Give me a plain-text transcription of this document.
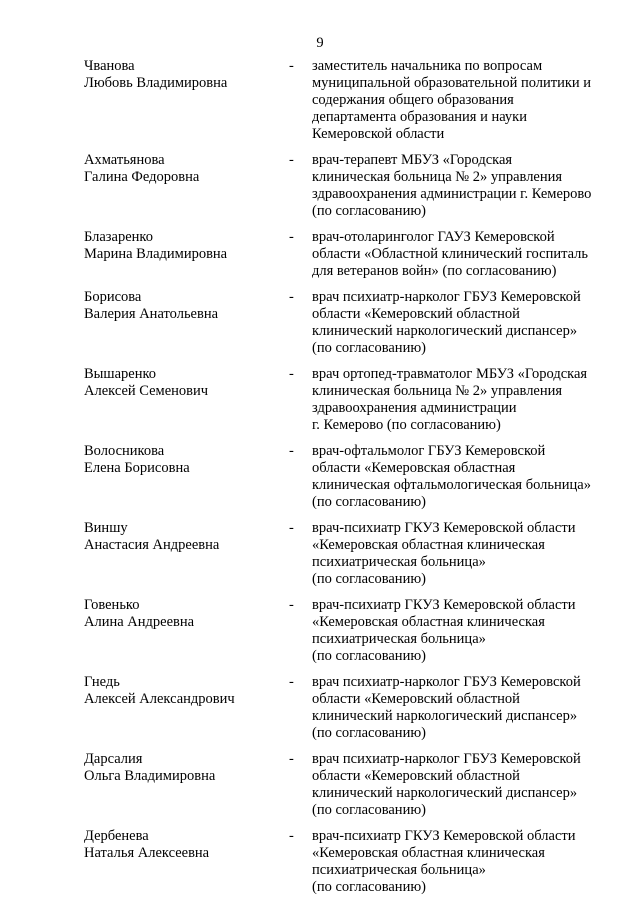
9
Чванова
Любовь Владимировна
- заместитель начальника по вопросам
муниципальной образовательной политики и
содержания общего образования
департамента образования и науки
Кемеровской области
Ахматьянова
Галина Федоровна
- врач-терапевт МБУЗ «Городская
клиническая больница № 2» управления
здравоохранения администрации г. Кемерово
(по согласованию)
Блазаренко
Марина Владимировна
- врач-отоларинголог ГАУЗ Кемеровской
области «Областной клинический госпиталь
для ветеранов войн» (по согласованию)
Борисова
Валерия Анатольевна
- врач психиатр-нарколог ГБУЗ Кемеровской
области «Кемеровский областной
клинический наркологический диспансер»
(по согласованию)
Вышаренко
Алексей Семенович
- врач ортопед-травматолог МБУЗ «Городская
клиническая больница № 2» управления
здравоохранения администрации
г. Кемерово (по согласованию)
Волосникова
Елена Борисовна
- врач-офтальмолог ГБУЗ Кемеровской
области «Кемеровская областная
клиническая офтальмологическая больница»
(по согласованию)
Виншу
Анастасия Андреевна
- врач-психиатр ГКУЗ Кемеровской области
«Кемеровская областная клиническая
психиатрическая больница»
(по согласованию)
Говенько
Алина Андреевна
- врач-психиатр ГКУЗ Кемеровской области
«Кемеровская областная клиническая
психиатрическая больница»
(по согласованию)
Гнедь
Алексей Александрович
- врач психиатр-нарколог ГБУЗ Кемеровской
области «Кемеровский областной
клинический наркологический диспансер»
(по согласованию)
Дарсалия
Ольга Владимировна
- врач психиатр-нарколог ГБУЗ Кемеровской
области «Кемеровский областной
клинический наркологический диспансер»
(по согласованию)
Дербенева
Наталья Алексеевна
- врач-психиатр ГКУЗ Кемеровской области
«Кемеровская областная клиническая
психиатрическая больница»
(по согласованию)
